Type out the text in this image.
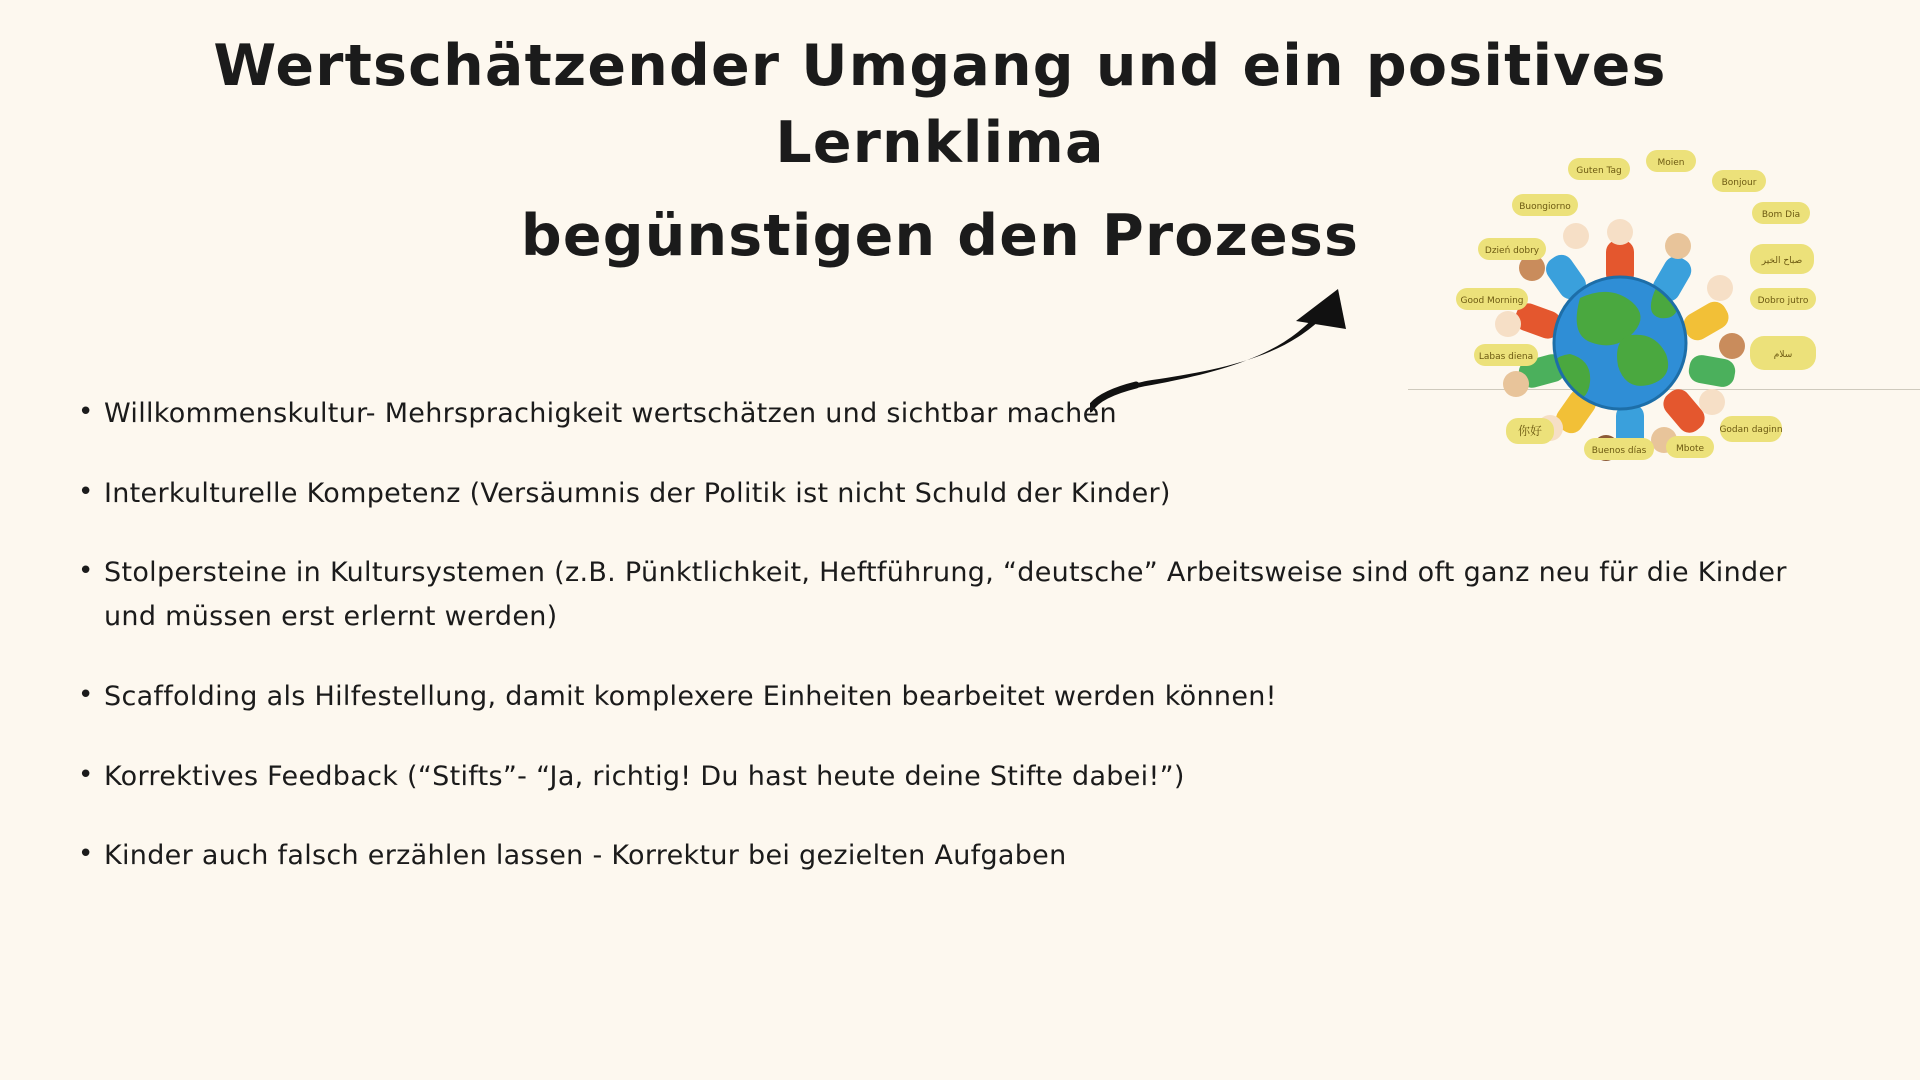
Wertschätzender Umgang und ein positives Lernklima
begünstigen den Prozess
Guten Tag
Moien
Bonjour
Bom Dia
Buongiorno
Dzień dobry
Good Morning	Dobro jutro
Labas diena
你好
Buenos días	Mbote
Godan daginn
صباح الخير
سلام
• Willkommenskultur- Mehrsprachigkeit wertschätzen und sichtbar machen
• Interkulturelle Kompetenz (Versäumnis der Politik ist nicht Schuld der Kinder)
• Stolpersteine in Kultursystemen (z.B. Pünktlichkeit, Heftführung, “deutsche” Arbeitsweise sind oft ganz neu für die Kinder und müssen erst erlernt werden)
• Scaffolding als Hilfestellung, damit komplexere Einheiten bearbeitet werden können!
• Korrektives Feedback (“Stifts”- “Ja, richtig! Du hast heute deine Stifte dabei!”)
• Kinder auch falsch erzählen lassen - Korrektur bei gezielten Aufgaben
